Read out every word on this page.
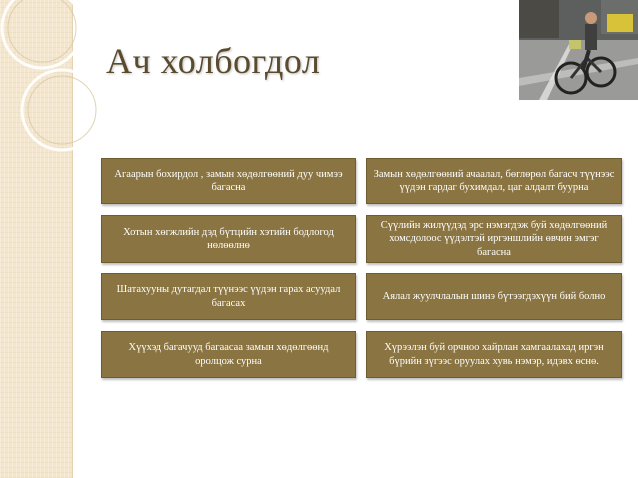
Ач холбогдол
Агаарын бохирдол , замын хөдөлгөөний дуу чимээ багасна
Замын хөдөлгөөний ачаалал, бөглөрөл багасч түүнээс үүдэн гардаг бухимдал, цаг алдалт буурна
Хотын хөгжлийн дэд бүтцийн хэтийн бодлогод нөлөөлнө
Сүүлийн жилүүдэд эрс нэмэгдэж буй хөдөлгөөний хомсдолоос үүдэлтэй иргэншлийн өвчин эмгэг багасна
Шатахууны дутагдал түүнээс үүдэн гарах асуудал багасах
Аялал жуулчлалын шинэ бүтээгдэхүүн бий болно
Хүүхэд багачууд багаасаа замын хөдөлгөөнд оролцож сурна
Хүрээлэн буй орчноо хайрлан хамгаалахад иргэн бүрийн зүгээс оруулах хувь нэмэр, идэвх өснө.
